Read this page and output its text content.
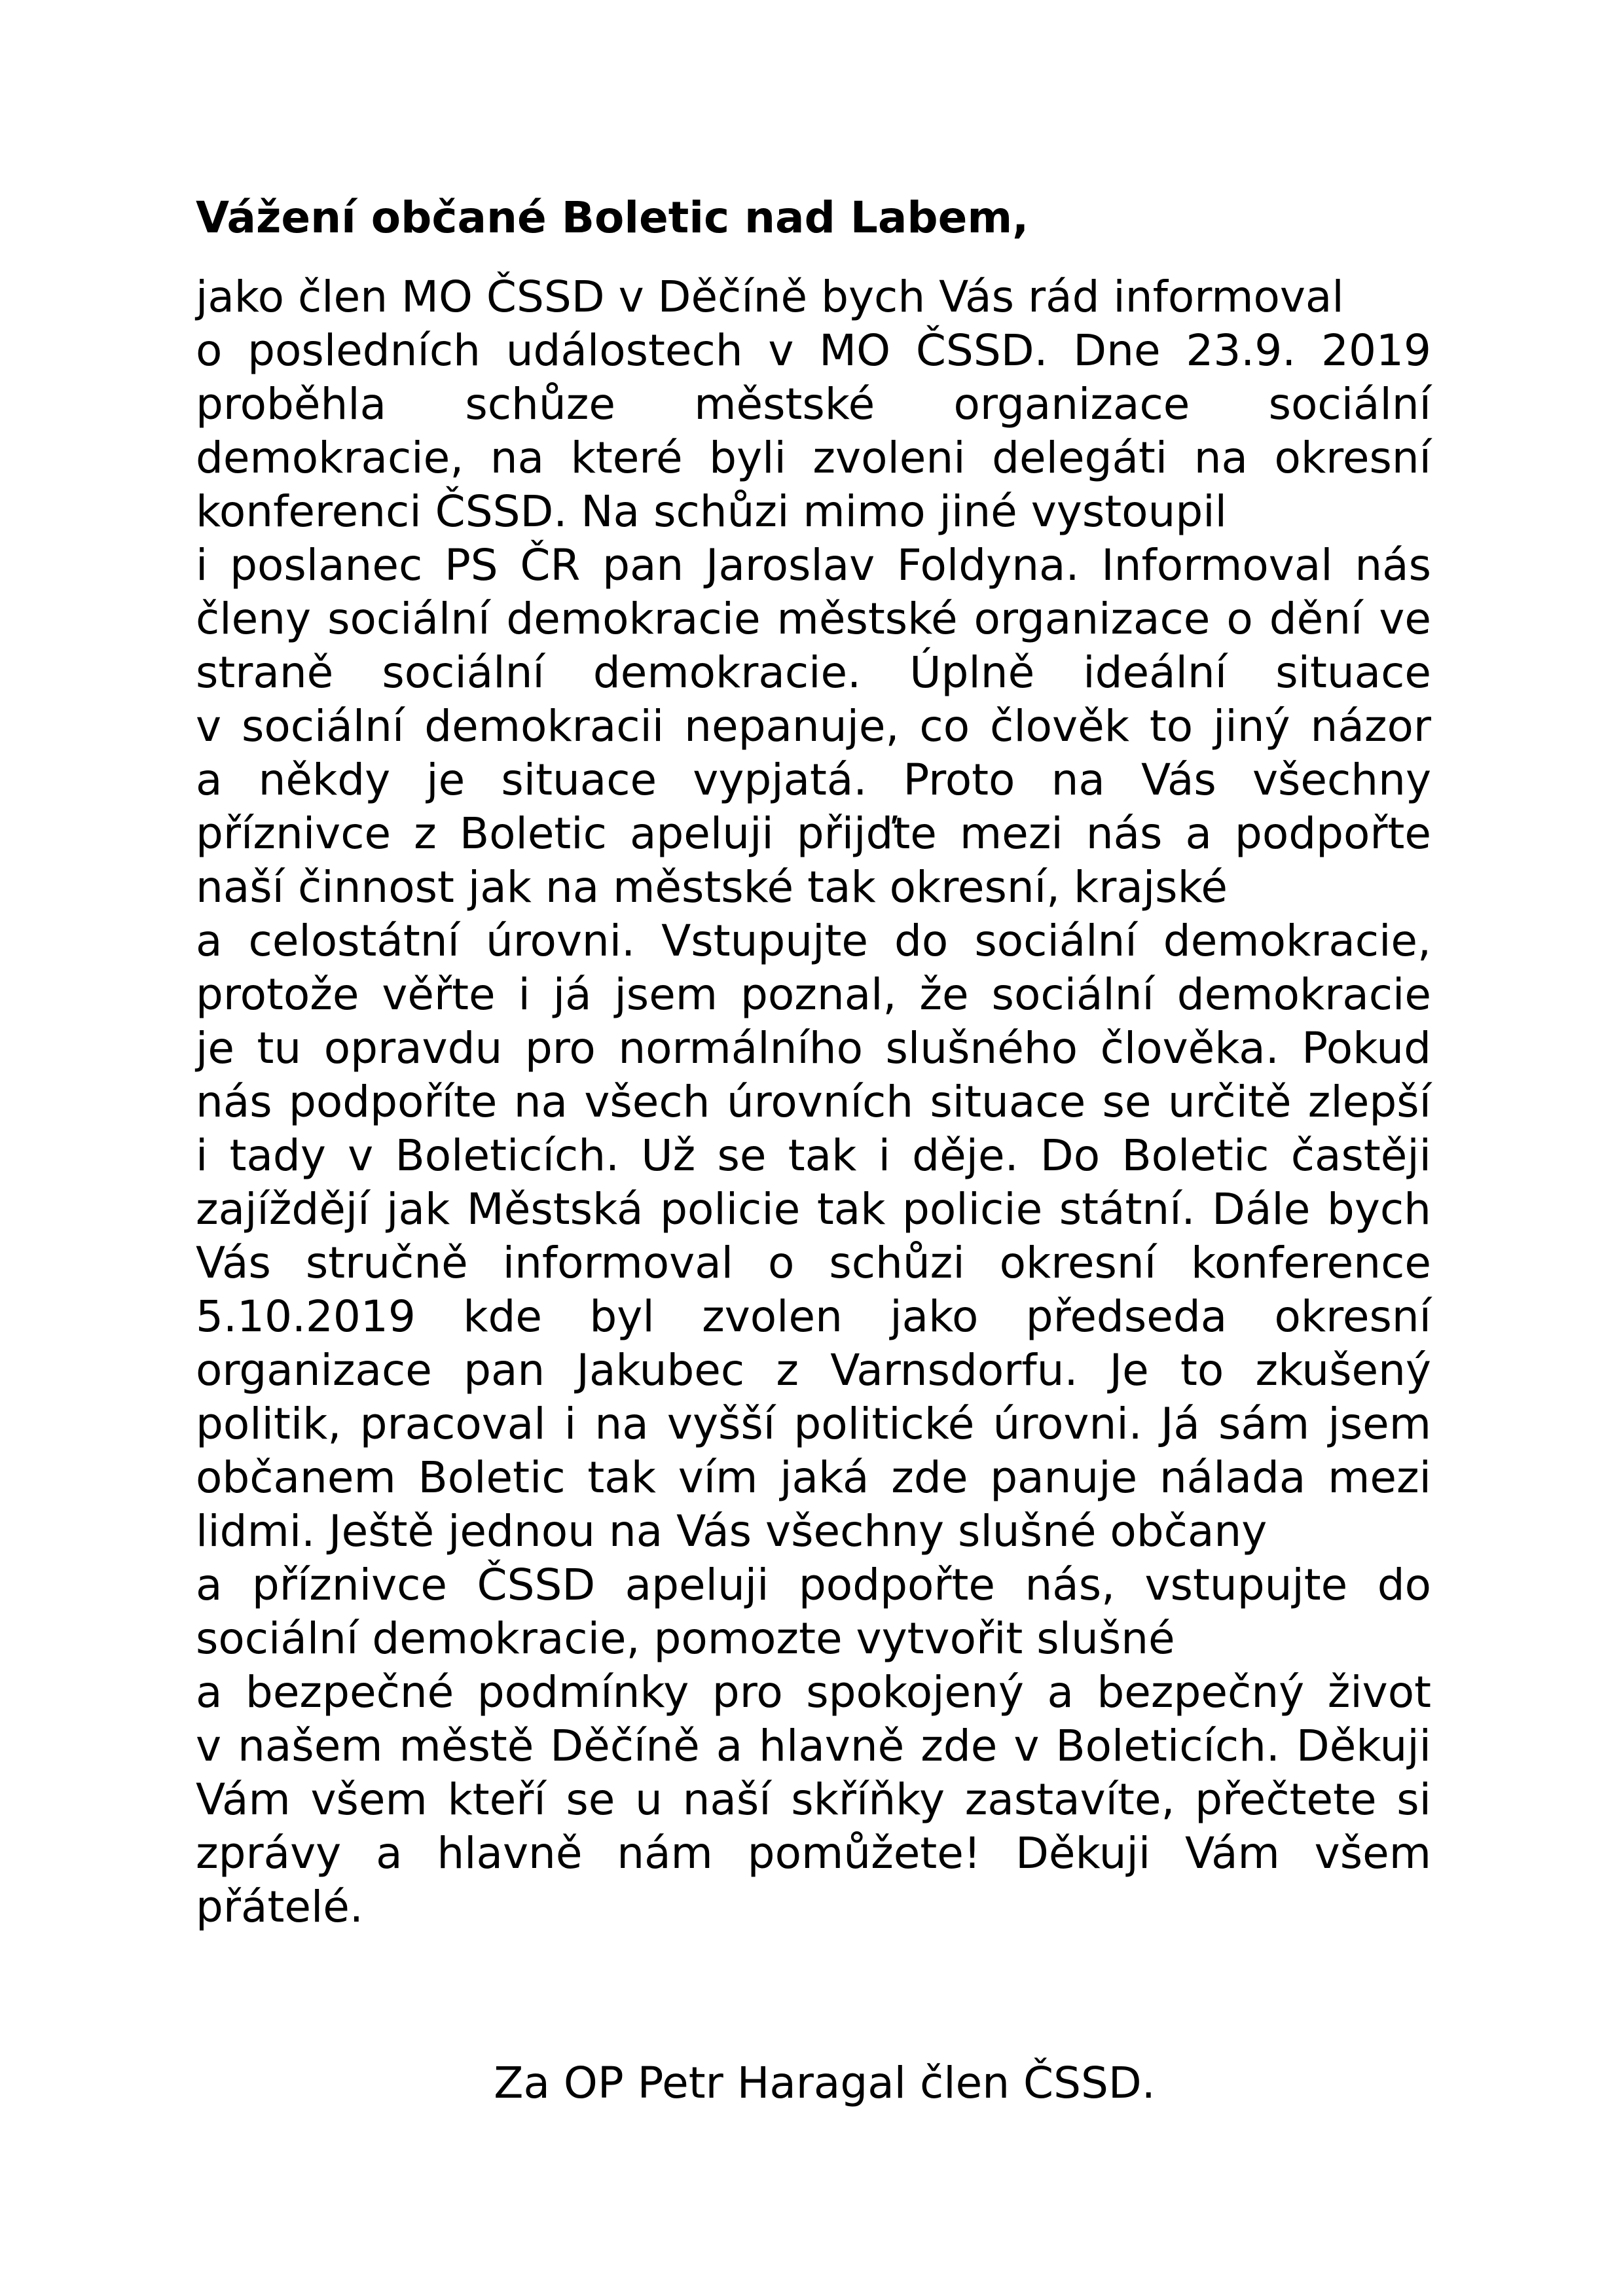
Vážení občané Boletic nad Labem,
jako člen MO ČSSD v Děčíně bych Vás rád informoval
o posledních událostech v MO ČSSD. Dne 23.9. 2019
proběhla schůze městské organizace sociální
demokracie, na které byli zvoleni delegáti na okresní
konferenci ČSSD. Na schůzi mimo jiné vystoupil
i poslanec PS ČR pan Jaroslav Foldyna. Informoval nás
členy sociální demokracie městské organizace o dění ve
straně sociální demokracie. Úplně ideální situace
v sociální demokracii nepanuje, co člověk to jiný názor
a někdy je situace vypjatá. Proto na Vás všechny
příznivce z Boletic apeluji přijďte mezi nás a podpořte
naší činnost jak na městské tak okresní, krajské
a celostátní úrovni. Vstupujte do sociální demokracie,
protože věřte i já jsem poznal, že sociální demokracie
je tu opravdu pro normálního slušného člověka. Pokud
nás podpoříte na všech úrovních situace se určitě zlepší
i tady v Boleticích. Už se tak i děje. Do Boletic častěji
zajíždějí jak Městská policie tak policie státní. Dále bych
Vás stručně informoval o schůzi okresní konference
5.10.2019 kde byl zvolen jako předseda okresní
organizace pan Jakubec z Varnsdorfu. Je to zkušený
politik, pracoval i na vyšší politické úrovni. Já sám jsem
občanem Boletic tak vím jaká zde panuje nálada mezi
lidmi. Ještě jednou na Vás všechny slušné občany
a příznivce ČSSD apeluji podpořte nás, vstupujte do
sociální demokracie, pomozte vytvořit slušné
a bezpečné podmínky pro spokojený a bezpečný život
v našem městě Děčíně a hlavně zde v Boleticích. Děkuji
Vám všem kteří se u naší skříňky zastavíte, přečtete si
zprávy a hlavně nám pomůžete! Děkuji Vám všem
přátelé.

Za OP Petr Haragal člen ČSSD.
